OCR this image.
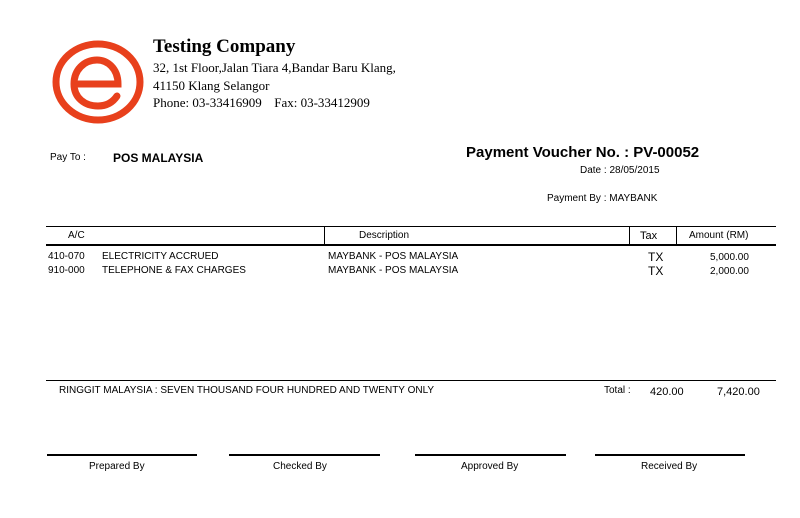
Testing Company
32, 1st Floor,Jalan Tiara 4,Bandar Baru Klang,
41150 Klang Selangor
Phone: 03-33416909 Fax: 03-33412909
Pay To : POS MALAYSIA	Payment Voucher No. : PV-00052
Date : 28/05/2015
Payment By : MAYBANK
A/C	Description	Tax	Amount (RM)
410-070 ELECTRICITY ACCRUED	MAYBANK - POS MALAYSIA	TX	5,000.00
910-000 TELEPHONE & FAX CHARGES	MAYBANK - POS MALAYSIA	TX	2,000.00
RINGGIT MALAYSIA : SEVEN THOUSAND FOUR HUNDRED AND TWENTY ONLY	Total : 420.00	7,420.00
Prepared By	Checked By	Approved By	Received By
